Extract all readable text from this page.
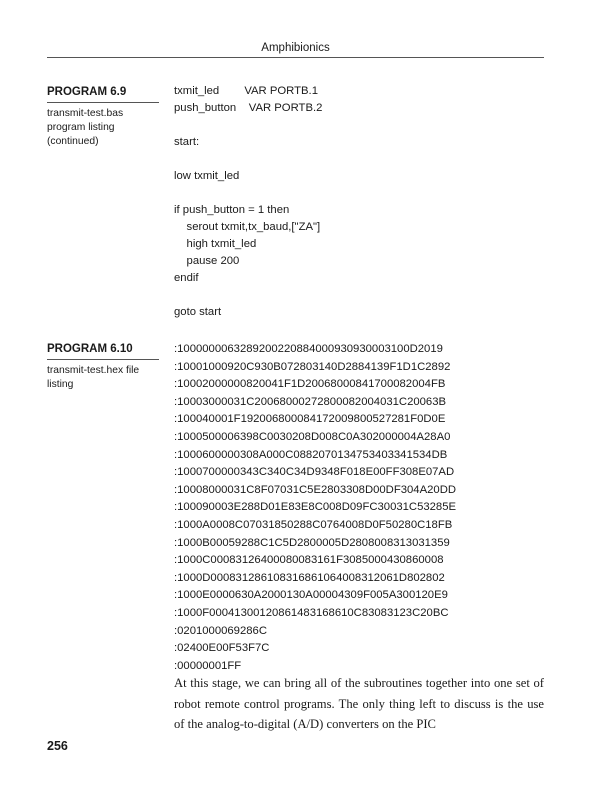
Amphibionics
PROGRAM 6.9
transmit-test.bas
program listing
(continued)
txmit_led        VAR PORTB.1
push_button    VAR PORTB.2
start:
low txmit_led
if push_button = 1 then
serout txmit,tx_baud,["ZA"]
high txmit_led
pause 200
endif
goto start
PROGRAM 6.10
transmit-test.hex file
listing
:1000000063289200220884000930930003100D2019
:10001000920C930B072803140D2884139F1D1C2892
:10002000000820041F1D20068000841700082004FB
:10003000031C20068000272800082004031C20063B
:100040001F192006800084172009800527281F0D0E
:1000500006398C0030208D008C0A302000004A28A0
:1000600000308A000C0882070134753403341534DB
:1000700000343C340C34D9348F018E00FF308E07AD
:10008000031C8F07031C5E2803308D00DF304A20DD
:100090003E288D01E83E8C008D09FC30031C53285E
:1000A0008C07031850288C0764008D0F50280C18FB
:1000B00059288C1C5D2800005D2808008313031359
:1000C00083126400080083161F3085000430860008
:1000D000831286108316861064008312061D802802
:1000E0000630A2000130A00004309F005A300120E9
:1000F00041300120861483168610C83083123C20BC
:0201000069286C
:02400E00F53F7C
:00000001FF
At this stage, we can bring all of the subroutines together into one set of robot remote control programs. The only thing left to discuss is the use of the analog-to-digital (A/D) converters on the PIC
256
